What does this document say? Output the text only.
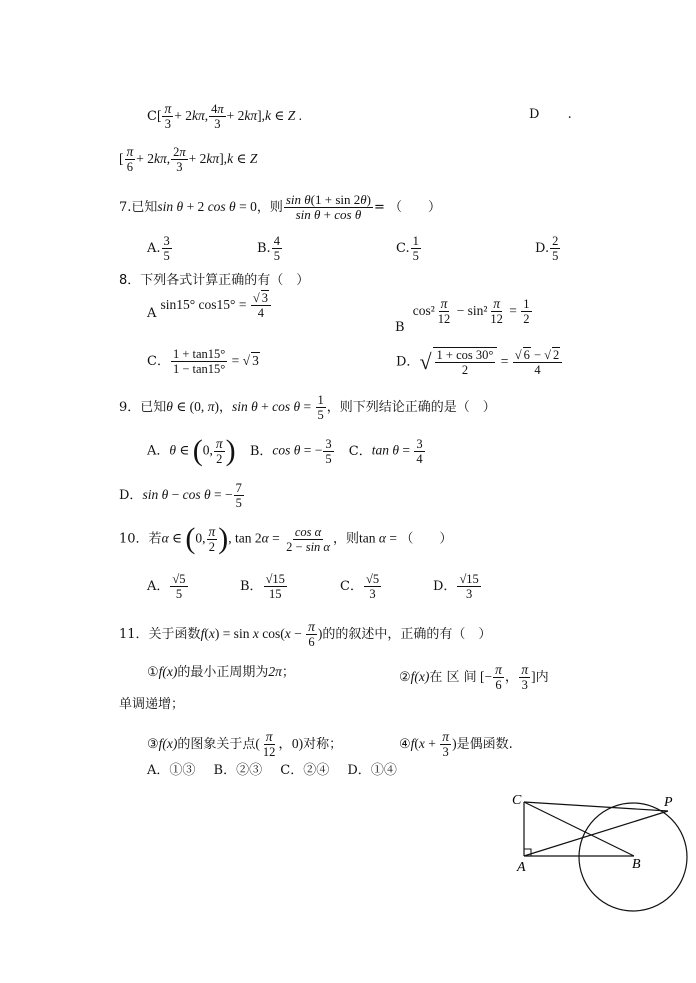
$C[ \frac{\pi}{3} + 2k\pi$, $\frac{4\pi}{3} + 2k\pi],k$ ∈ Z .	D .
[ $\frac{\pi}{6} + 2k\pi$, $\frac{2\pi}{3} + 2k\pi],k$ ∈ Z
7.已知sin θ + 2 cos θ = 0，则 $\frac{\text{sin θ(1 + sin 2θ)}}{\text{sin θ + cos θ}}$ = （　　）
A. $\frac{3}{5}$	B. $\frac{4}{5}$	C. $\frac{1}{5}$	D. $\frac{2}{5}$
8．下列各式计算正确的有（　）
A sin15° $\cos 15^\circ = \frac{√ 3}{4}$
B $\cos^2 \frac{\pi}{12} - \sin^2 \frac{\pi}{12} = \frac{1}{2}$
C． $\frac{1 + \tan 15^\circ}{1 - \tan 15^\circ}$ = √ 3	D．√ $\frac{1 + \cos 30^\circ}{2} = \frac{√ 6 - √ 2}{4}$
9．已知θ ∈ (0, π)，$\sin \theta + \cos \theta = \frac{1}{5}$ ，则下列结论正确的是（　）
A．θ ∈ (0, $\frac{\pi}{2}$ ) B．cos θ = − $\frac{3}{5}$ C．$\tan \theta = \frac{3}{4}$
D．sin θ − cos θ = − $\frac{7}{5}$
10．若α ∈ (0, $\frac{\pi}{2}$ ), $\tan 2\alpha = \frac{\text{cos α}}{\text{2 − sin α}}$ ，则tan α = （　　）
A． $\frac{√5}{5}$	B． $\frac{√15}{15}$	C． $\frac{√5}{3}$	D． $\frac{√15}{3}$
11．关于函数f(x) = sin x $\cos(x - \frac{\pi}{6}$ )的的叙述中，正确的有（　）
①f(x)的最小正周期为2π；	②f(x)在 区 间 [− $\frac{\pi}{6}$ ， $\frac{\pi}{3}$ ]内
单调递增；
③f(x)的图象关于点( $\frac{\pi}{12}$ ，0)对称；	④f(x + $\frac{\pi}{3}$ )是偶函数.
A．①③ B．②③ C．②④ D．①④
C	P
A	B
